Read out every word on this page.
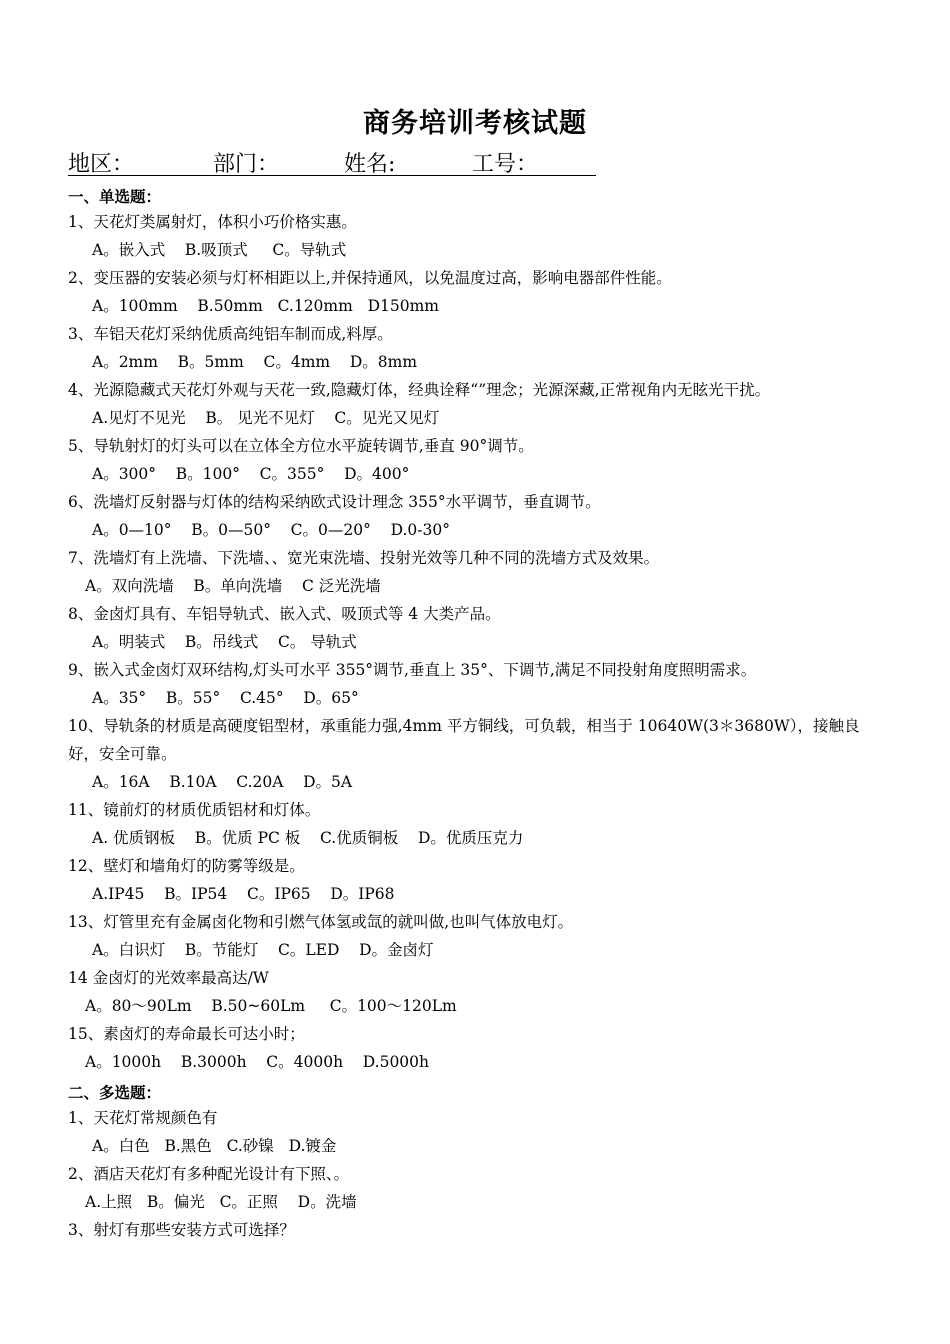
商务培训考核试题
地区：	部门：	姓名:	工号：
一、单选题：
1、天花灯类属射灯，体积小巧价格实惠。
A。嵌入式    B.吸顶式     C。导轨式
2、变压器的安装必须与灯杯相距以上,并保持通风，以免温度过高，影响电器部件性能。
A。100mm    B.50mm   C.120mm   D150mm
3、车铝天花灯采纳优质高纯铝车制而成,料厚。
A。2mm    B。5mm    C。4mm    D。8mm
4、光源隐藏式天花灯外观与天花一致,隐藏灯体，经典诠释“”理念；光源深藏,正常视角内无眩光干扰。
A.见灯不见光    B。 见光不见灯    C。见光又见灯
5、导轨射灯的灯头可以在立体全方位水平旋转调节,垂直 90°调节。
A。300°    B。100°    C。355°    D。400°
6、洗墙灯反射器与灯体的结构采纳欧式设计理念 355°水平调节，垂直调节。
A。0—10°    B。0—50°    C。0—20°    D.0-30°
7、洗墙灯有上洗墙、下洗墙、、宽光束洗墙、投射光效等几种不同的洗墙方式及效果。
A。双向洗墙    B。单向洗墙    C 泛光洗墙
8、金卤灯具有、车铝导轨式、嵌入式、吸顶式等 4 大类产品。
A。明装式    B。吊线式    C。 导轨式
9、嵌入式金卤灯双环结构,灯头可水平 355°调节,垂直上 35°、下调节,满足不同投射角度照明需求。
A。35°    B。55°    C.45°    D。65°
10、导轨条的材质是高硬度铝型材，承重能力强,4mm 平方铜线，可负载，相当于 10640W(3＊3680W），接触良好，安全可靠。
A。16A    B.10A    C.20A    D。5A
11、镜前灯的材质优质铝材和灯体。
A. 优质钢板    B。优质 PC 板    C.优质铜板    D。优质压克力
12、壁灯和墙角灯的防雾等级是。
A.IP45    B。IP54    C。IP65    D。IP68
13、灯管里充有金属卤化物和引燃气体氢或氙的就叫做,也叫气体放电灯。
A。白识灯    B。节能灯    C。LED    D。金卤灯
14 金卤灯的光效率最高达/W
A。80～90Lm    B.50~60Lm     C。100～120Lm
15、素卤灯的寿命最长可达小时；
A。1000h    B.3000h    C。4000h    D.5000h
二、多选题：
1、天花灯常规颜色有
A。白色   B.黑色   C.砂镍   D.镀金
2、酒店天花灯有多种配光设计有下照、。
A.上照   B。偏光   C。正照    D。洗墙
3、射灯有那些安装方式可选择？
